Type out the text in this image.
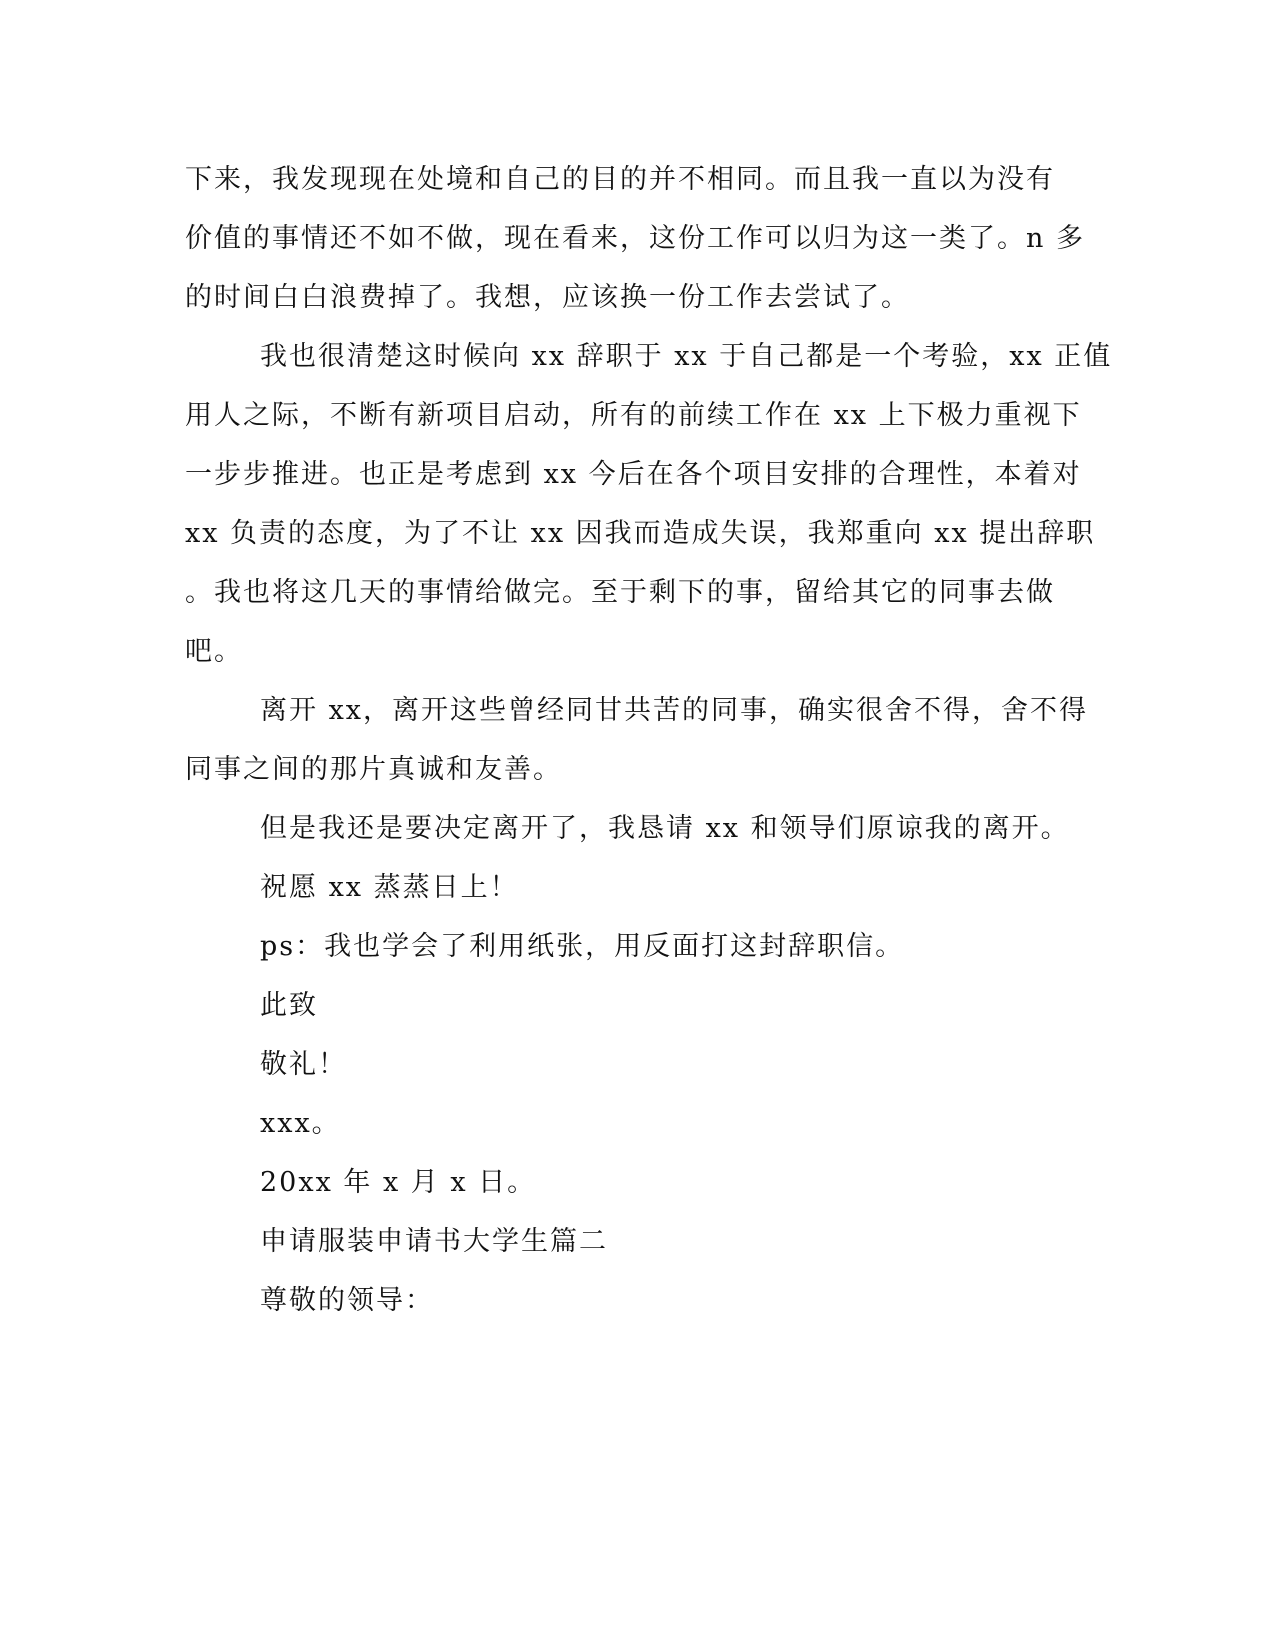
下来，我发现现在处境和自己的目的并不相同。而且我一直以为没有
价值的事情还不如不做，现在看来，这份工作可以归为这一类了。n 多
的时间白白浪费掉了。我想，应该换一份工作去尝试了。
我也很清楚这时候向 xx 辞职于 xx 于自己都是一个考验，xx 正值
用人之际，不断有新项目启动，所有的前续工作在 xx 上下极力重视下
一步步推进。也正是考虑到 xx 今后在各个项目安排的合理性，本着对
xx 负责的态度，为了不让 xx 因我而造成失误，我郑重向 xx 提出辞职
。我也将这几天的事情给做完。至于剩下的事，留给其它的同事去做
吧。
离开 xx，离开这些曾经同甘共苦的同事，确实很舍不得，舍不得
同事之间的那片真诚和友善。
但是我还是要决定离开了，我恳请 xx 和领导们原谅我的离开。
祝愿 xx 蒸蒸日上！
ps：我也学会了利用纸张，用反面打这封辞职信。
此致
敬礼！
xxx。
20xx 年 x 月 x 日。
申请服装申请书大学生篇二
尊敬的领导：
